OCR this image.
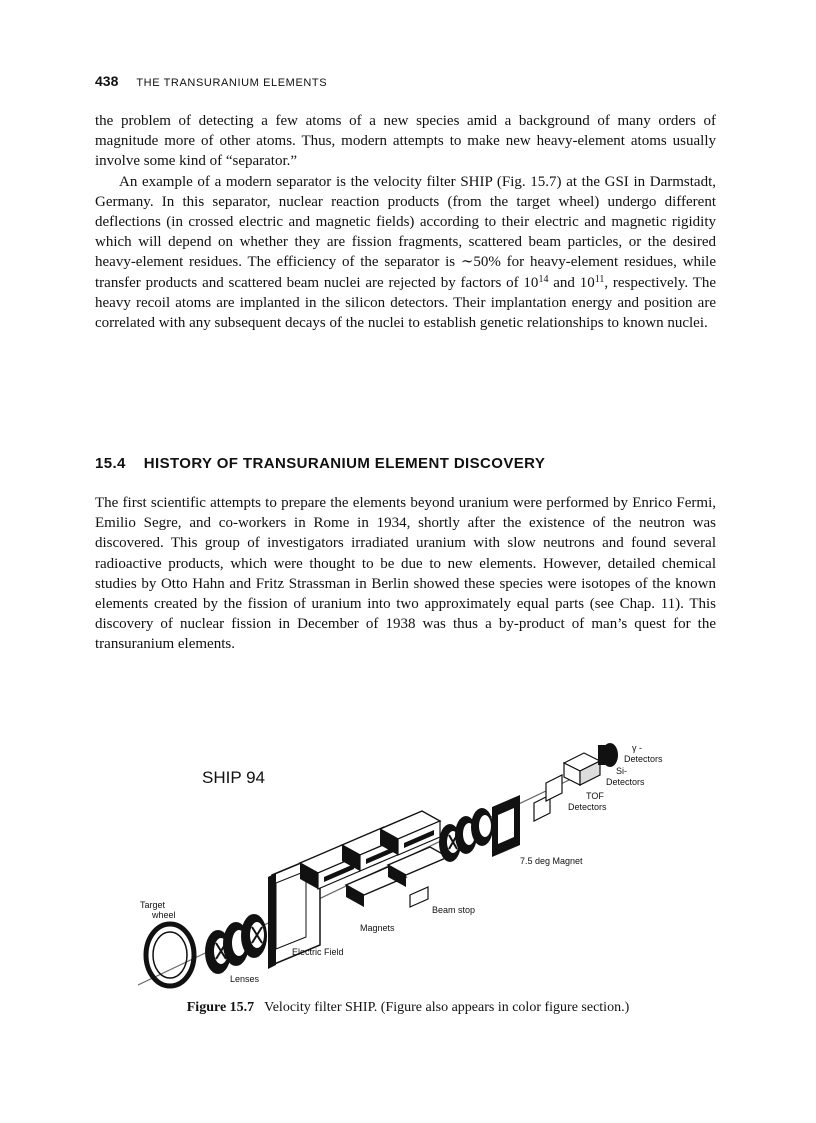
438 THE TRANSURANIUM ELEMENTS

the problem of detecting a few atoms of a new species amid a background of many orders of magnitude more of other atoms. Thus, modern attempts to make new heavy-element atoms usually involve some kind of “separator.”

An example of a modern separator is the velocity filter SHIP (Fig. 15.7) at the GSI in Darmstadt, Germany. In this separator, nuclear reaction products (from the target wheel) undergo different deflections (in crossed electric and magnetic fields) according to their electric and magnetic rigidity which will depend on whether they are fission fragments, scattered beam particles, or the desired heavy-element residues. The efficiency of the separator is ∼50% for heavy-element residues, while transfer products and scattered beam nuclei are rejected by factors of $10^{14}$ and $10^{11}$, respectively. The heavy recoil atoms are implanted in the silicon detectors. Their implantation energy and position are correlated with any subsequent decays of the nuclei to establish genetic relationships to known nuclei.

15.4 HISTORY OF TRANSURANIUM ELEMENT DISCOVERY

The first scientific attempts to prepare the elements beyond uranium were performed by Enrico Fermi, Emilio Segre, and co-workers in Rome in 1934, shortly after the existence of the neutron was discovered. This group of investigators irradiated uranium with slow neutrons and found several radioactive products, which were thought to be due to new elements. However, detailed chemical studies by Otto Hahn and Fritz Strassman in Berlin showed these species were isotopes of the known elements created by the fission of uranium into two approximately equal parts (see Chap. 11). This discovery of nuclear fission in December of 1938 was thus a by-product of man’s quest for the transuranium elements.

SHIP 94
γ -
Detectors
Si-
Detectors
TOF
Detectors
7.5 deg Magnet
Target
wheel	Beam stop
Magnets
Electric Field
Lenses
Figure 15.7 Velocity filter SHIP. (Figure also appears in color figure section.)
